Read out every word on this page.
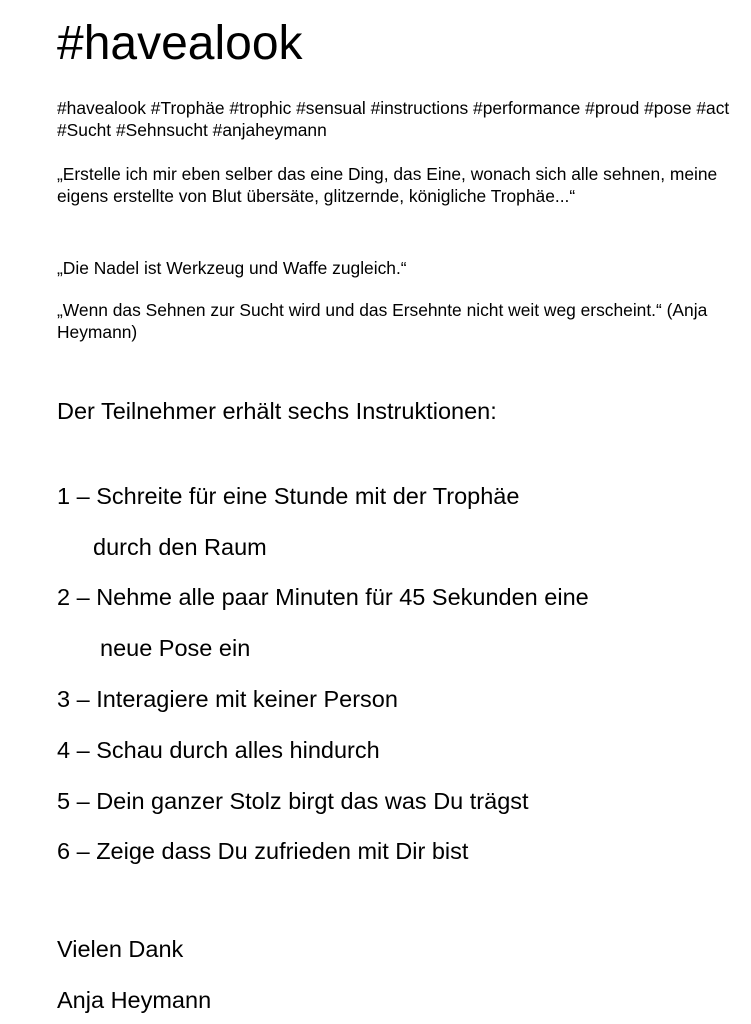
#havealook

#havealook #Trophäe #trophic #sensual #instructions #performance #proud #pose #act #Sucht #Sehnsucht #anjaheymann

„Erstelle ich mir eben selber das eine Ding, das Eine, wonach sich alle sehnen, meine eigens erstellte von Blut übersäte, glitzernde, königliche Trophäe...“

„Die Nadel ist Werkzeug und Waffe zugleich.“

„Wenn das Sehnen zur Sucht wird und das Ersehnte nicht weit weg erscheint.“ (Anja Heymann)

Der Teilnehmer erhält sechs Instruktionen:

1 – Schreite für eine Stunde mit der Trophäe

durch den Raum

2 – Nehme alle paar Minuten für 45 Sekunden eine

neue Pose ein

3 – Interagiere mit keiner Person

4 – Schau durch alles hindurch

5 – Dein ganzer Stolz birgt das was Du trägst

6 – Zeige dass Du zufrieden mit Dir bist

Vielen Dank

Anja Heymann
